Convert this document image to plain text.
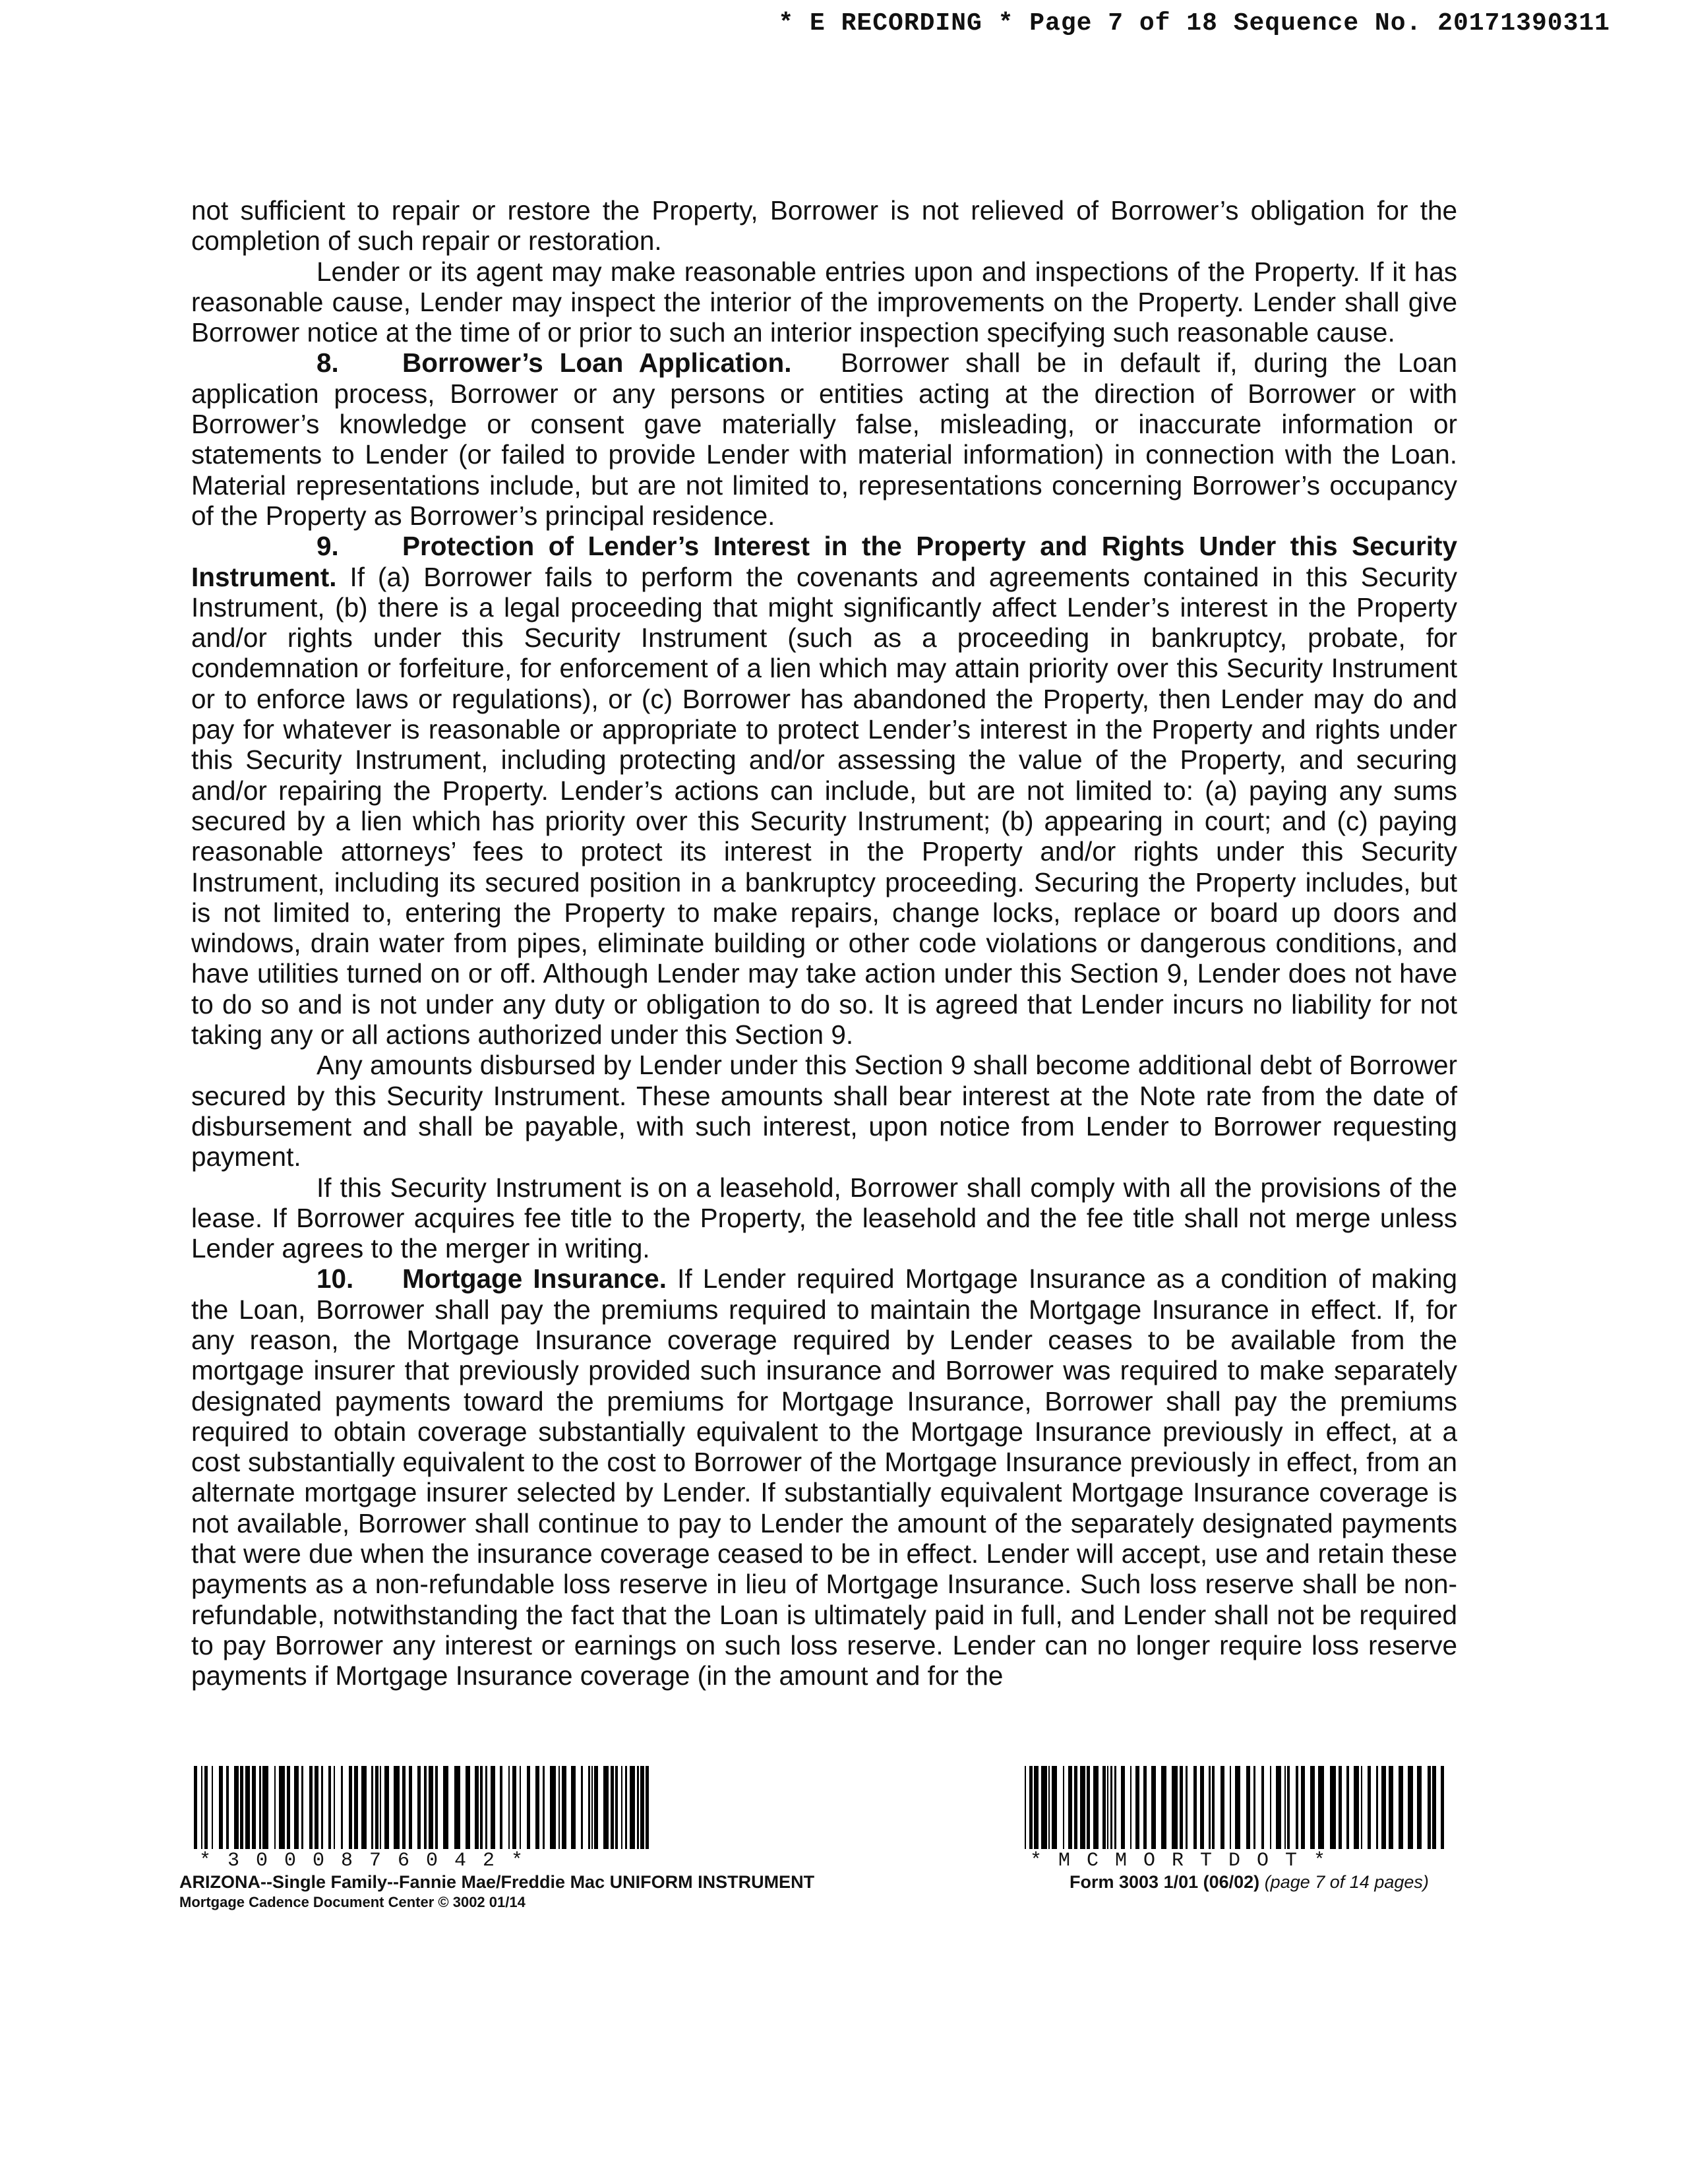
* E RECORDING * Page 7 of 18 Sequence No. 20171390311

not sufficient to repair or restore the Property, Borrower is not relieved of Borrower’s obligation for the completion of such repair or restoration.

Lender or its agent may make reasonable entries upon and inspections of the Property. If it has reasonable cause, Lender may inspect the interior of the improvements on the Property. Lender shall give Borrower notice at the time of or prior to such an interior inspection specifying such reasonable cause.

8. Borrower’s Loan Application. Borrower shall be in default if, during the Loan application process, Borrower or any persons or entities acting at the direction of Borrower or with Borrower’s knowledge or consent gave materially false, misleading, or inaccurate information or statements to Lender (or failed to provide Lender with material information) in connection with the Loan. Material representations include, but are not limited to, representations concerning Borrower’s occupancy of the Property as Borrower’s principal residence.

9. Protection of Lender’s Interest in the Property and Rights Under this Security Instrument. If (a) Borrower fails to perform the covenants and agreements contained in this Security Instrument, (b) there is a legal proceeding that might significantly affect Lender’s interest in the Property and/or rights under this Security Instrument (such as a proceeding in bankruptcy, probate, for condemnation or forfeiture, for enforcement of a lien which may attain priority over this Security Instrument or to enforce laws or regulations), or (c) Borrower has abandoned the Property, then Lender may do and pay for whatever is reasonable or appropriate to protect Lender’s interest in the Property and rights under this Security Instrument, including protecting and/or assessing the value of the Property, and securing and/or repairing the Property. Lender’s actions can include, but are not limited to: (a) paying any sums secured by a lien which has priority over this Security Instrument; (b) appearing in court; and (c) paying reasonable attorneys’ fees to protect its interest in the Property and/or rights under this Security Instrument, including its secured position in a bankruptcy proceeding. Securing the Property includes, but is not limited to, entering the Property to make repairs, change locks, replace or board up doors and windows, drain water from pipes, eliminate building or other code violations or dangerous conditions, and have utilities turned on or off. Although Lender may take action under this Section 9, Lender does not have to do so and is not under any duty or obligation to do so. It is agreed that Lender incurs no liability for not taking any or all actions authorized under this Section 9.

Any amounts disbursed by Lender under this Section 9 shall become additional debt of Borrower secured by this Security Instrument. These amounts shall bear interest at the Note rate from the date of disbursement and shall be payable, with such interest, upon notice from Lender to Borrower requesting payment.

If this Security Instrument is on a leasehold, Borrower shall comply with all the provisions of the lease. If Borrower acquires fee title to the Property, the leasehold and the fee title shall not merge unless Lender agrees to the merger in writing.

10. Mortgage Insurance. If Lender required Mortgage Insurance as a condition of making the Loan, Borrower shall pay the premiums required to maintain the Mortgage Insurance in effect. If, for any reason, the Mortgage Insurance coverage required by Lender ceases to be available from the mortgage insurer that previously provided such insurance and Borrower was required to make separately designated payments toward the premiums for Mortgage Insurance, Borrower shall pay the premiums required to obtain coverage substantially equivalent to the Mortgage Insurance previously in effect, at a cost substantially equivalent to the cost to Borrower of the Mortgage Insurance previously in effect, from an alternate mortgage insurer selected by Lender. If substantially equivalent Mortgage Insurance coverage is not available, Borrower shall continue to pay to Lender the amount of the separately designated payments that were due when the insurance coverage ceased to be in effect. Lender will accept, use and retain these payments as a non-refundable loss reserve in lieu of Mortgage Insurance. Such loss reserve shall be non-refundable, notwithstanding the fact that the Loan is ultimately paid in full, and Lender shall not be required to pay Borrower any interest or earnings on such loss reserve. Lender can no longer require loss reserve payments if Mortgage Insurance coverage (in the amount and for the

*3000876042*
ARIZONA--Single Family--Fannie Mae/Freddie Mac UNIFORM INSTRUMENT
Mortgage Cadence Document Center © 3002 01/14
*MCMORTDOT*
Form 3003 1/01 (06/02) (page 7 of 14 pages)
